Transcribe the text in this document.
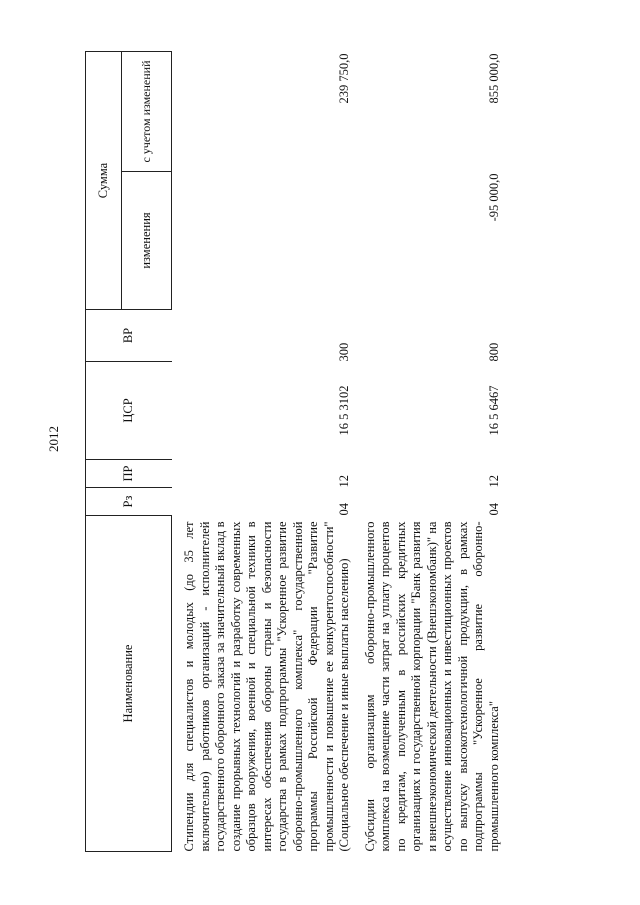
2012
Наименование	Рз	ПР	ЦСР	ВР	Сумма	
					изменения	с учетом изменений
Стипендии для специалистов и молодых (до 35 лет включительно) работников организаций - исполнителей государственного оборонного заказа за значительный вклад в создание прорывных технологий и разработку современных образцов вооружения, военной и специальной техники в интересах обеспечения обороны страны и безопасности государства в рамках подпрограммы "Ускоренное развитие оборонно-промышленного комплекса" государственной программы Российской Федерации "Развитие промышленности и повышение ее конкурентоспособности" (Социальное обеспечение и иные выплаты населению)	04	12	16 5 3102	300		239 750,0
Субсидии организациям оборонно-промышленного комплекса на возмещение части затрат на уплату процентов по кредитам, полученным в российских кредитных организациях и государственной корпорации "Банк развития и внешнеэкономической деятельности (Внешэкономбанк)" на осуществление инновационных и инвестиционных проектов по выпуску высокотехнологичной продукции, в рамках подпрограммы "Ускоренное развитие оборонно-промышленного комплекса"	04	12	16 5 6467	800	-95 000,0	855 000,0
